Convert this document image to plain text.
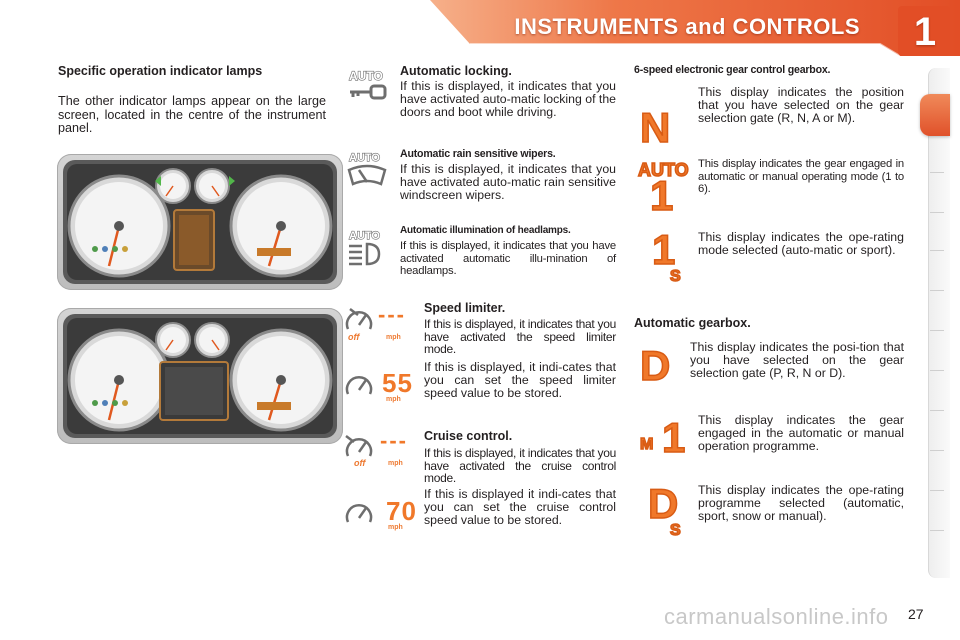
INSTRUMENTS and CONTROLS 1
Specific operation indicator lamps
The other indicator lamps appear on the large screen, located in the centre of the instrument panel.
AUTO Automatic locking.
If this is displayed, it indicates that you have activated auto-matic locking of the doors and boot while driving.
AUTO Automatic rain sensitive wipers.
If this is displayed, it indicates that you have activated auto-matic rain sensitive windscreen wipers.
AUTO Automatic illumination of headlamps.
If this is displayed, it indicates that you have activated automatic illu-mination of headlamps.
off
---
mph
55
mph
Speed limiter.
If this is displayed, it indicates that you have activated the speed limiter mode.
If this is displayed, it indi-cates that you can set the speed limiter speed value to be stored.
off
---
mph
70
mph
Cruise control.
If this is displayed, it indicates that you have activated the cruise control mode.
If this is displayed it indi-cates that you can set the cruise control speed value to be stored.
6-speed electronic gear control gearbox.
N
This display indicates the position that you have selected on the gear selection gate (R, N, A or M).
AUTO
1
This display indicates the gear engaged in automatic or manual operating mode (1 to 6).
1
S
This display indicates the ope-rating mode selected (auto-matic or sport).
Automatic gearbox.
D This display indicates the posi-tion that you have selected on the gear selection gate (P, R, N or D).
M 1 This display indicates the gear engaged in the automatic or manual operation programme.
D
S
This display indicates the ope-rating programme selected (automatic, sport, snow or manual).
carmanualsonline.info 27
